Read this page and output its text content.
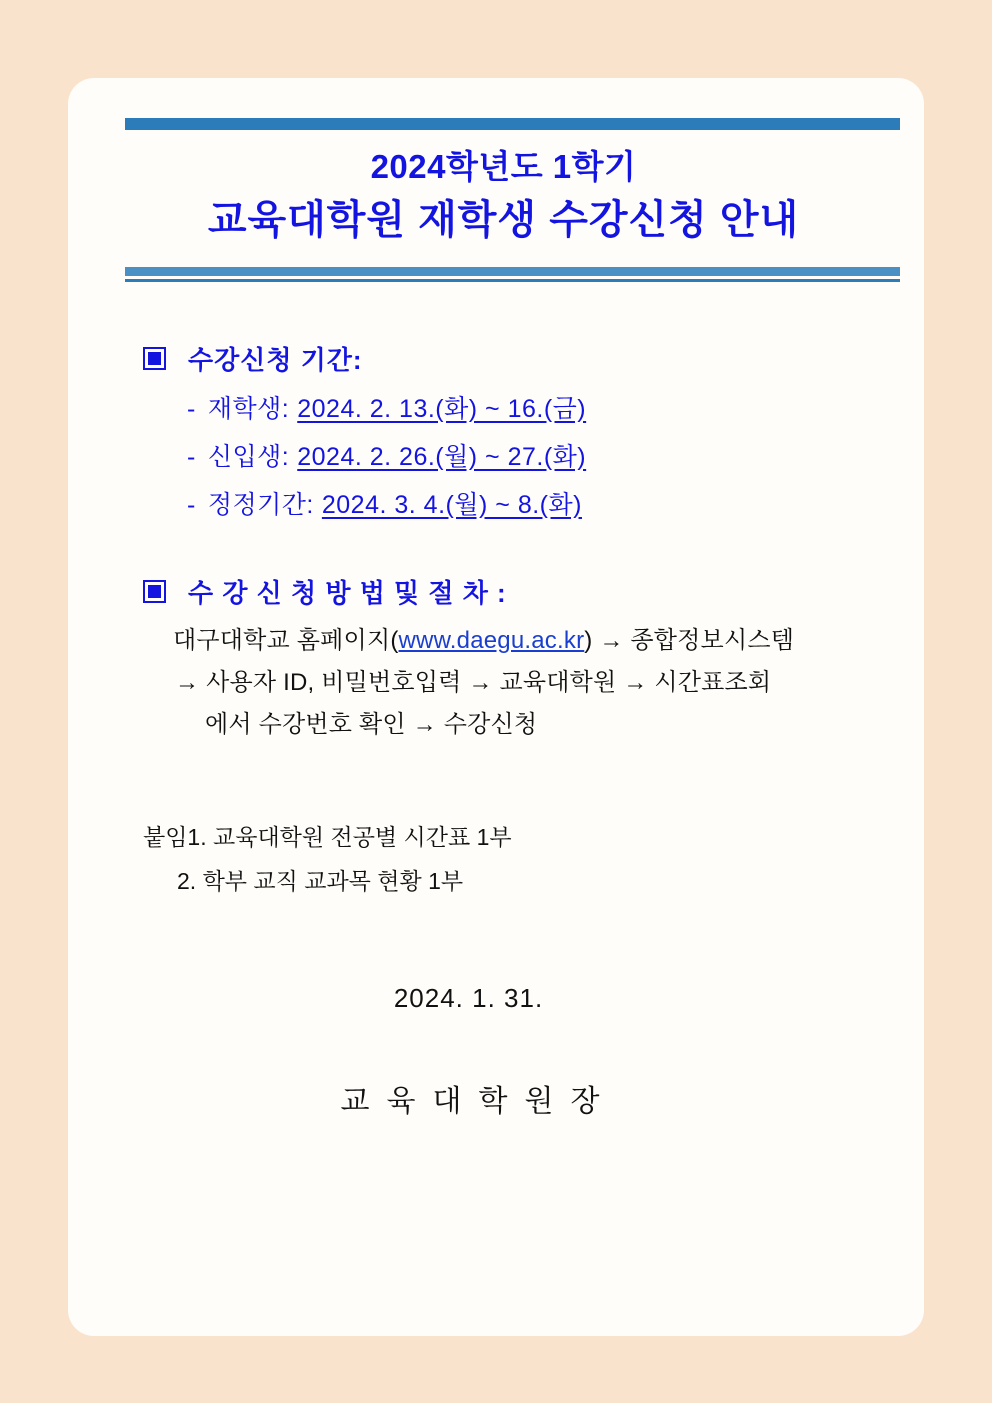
2024학년도 1학기
교육대학원 재학생 수강신청 안내
수강신청 기간:
- 재학생: 2024. 2. 13.(화) ~ 16.(금)
- 신입생: 2024. 2. 26.(월) ~ 27.(화)
- 정정기간: 2024. 3. 4.(월) ~ 8.(화)
수 강 신 청 방 법 및 절 차 :
대구대학교 홈페이지(www.daegu.ac.kr) → 종합정보시스템
→ 사용자 ID, 비밀번호입력 → 교육대학원 → 시간표조회
에서 수강번호 확인 → 수강신청
붙임1. 교육대학원 전공별 시간표 1부
2. 학부 교직 교과목 현황 1부
2024. 1. 31.
교육대학원장
